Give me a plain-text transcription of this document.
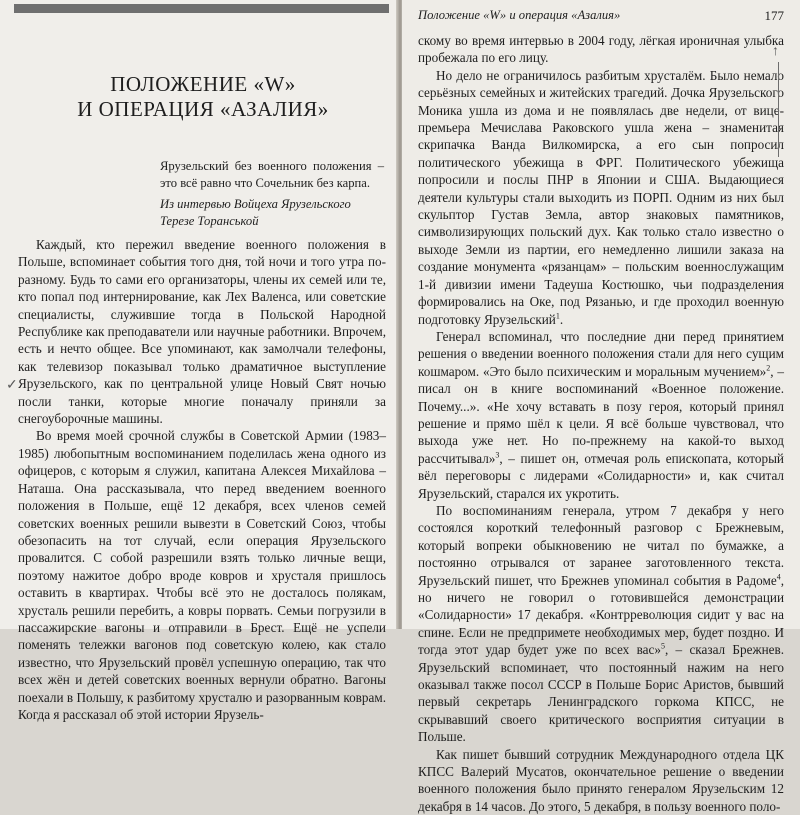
ПОЛОЖЕНИЕ «W»
И ОПЕРАЦИЯ «АЗАЛИЯ»
Ярузельский без военного положения – это всё равно что Сочельник без карпа.
Из интервью Войцеха Ярузельского Терезе Торанськой

Каждый, кто пережил введение военного положения в Польше, вспоминает события того дня, той ночи и того утра по-разному. Будь то сами его организаторы, члены их семей или те, кто попал под интернирование, как Лех Валенса, или советские специалисты, служившие тогда в Польской Народной Республике как преподаватели или научные работники. Впрочем, есть и нечто общее. Все упоминают, как замолчали телефоны, как телевизор показывал только драматичное выступление Ярузельского, как по центральной улице Новый Свят ночью посли танки, которые многие поначалу приняли за снегоуборочные машины.

Во время моей срочной службы в Советской Армии (1983–1985) любопытным воспоминанием поделилась жена одного из офицеров, с которым я служил, капитана Алексея Михайлова – Наташа. Она рассказывала, что перед введением военного положения в Польше, ещё 12 декабря, всех членов семей советских военных решили вывезти в Советский Союз, чтобы обезопасить на тот случай, если операция Ярузельского провалится. С собой разрешили взять только личные вещи, поэтому нажитое добро вроде ковров и хрусталя пришлось оставить в квартирах. Чтобы всё это не досталось полякам, хрусталь решили перебить, а ковры порвать. Семьи погрузили в пассажирские вагоны и отправили в Брест. Ещё не успели поменять тележки вагонов под советскую колею, как стало известно, что Ярузельский провёл успешную операцию, так что всех жён и детей советских военных вернули обратно. Вагоны поехали в Польшу, к разбитому хрусталю и разорванным коврам. Когда я рассказал об этой истории Ярузель-

✓
Положение «W» и операция «Азалия»	177

скому во время интервью в 2004 году, лёгкая ироничная улыбка пробежала по его лицу.

Но дело не ограничилось разбитым хрусталём. Было немало серьёзных семейных и житейских трагедий. Дочка Ярузельского Моника ушла из дома и не появлялась две недели, от вице-премьера Мечислава Раковского ушла жена – знаменитая скрипачка Ванда Вилкомирска, а его сын попросил политического убежища в ФРГ. Политического убежища попросили и послы ПНР в Японии и США. Выдающиеся деятели культуры стали выходить из ПОРП. Одним из них был скульптор Густав Земла, автор знаковых памятников, символизирующих польский дух. Как только стало известно о выходе Земли из партии, его немедленно лишили заказа на создание монумента «рязанцам» – польским военнослужащим 1-й дивизии имени Тадеуша Костюшко, чьи подразделения формировались на Оке, под Рязанью, и где проходил военную подготовку Ярузельский$^1$.

Генерал вспоминал, что последние дни перед принятием решения о введении военного положения стали для него сущим кошмаром. «Это было психическим и моральным мучением»$^2$, – писал он в книге воспоминаний «Военное положение. Почему...». «Не хочу вставать в позу героя, который принял решение и прямо шёл к цели. Я всё больше чувствовал, что выхода уже нет. Но по-прежнему на какой-то выход рассчитывал»$^3$, – пишет он, отмечая роль епископата, который вёл переговоры с лидерами «Солидарности» и, как считал Ярузельский, старался их укротить.

По воспоминаниям генерала, утром 7 декабря у него состоялся короткий телефонный разговор с Брежневым, который вопреки обыкновению не читал по бумажке, а постоянно отрывался от заранее заготовленного текста. Ярузельский пишет, что Брежнев упоминал события в Радоме$^4$, но ничего не говорил о готовившейся демонстрации «Солидарности» 17 декабря. «Контрреволюция сидит у вас на спине. Если не предпримете необходимых мер, будет поздно. И тогда этот удар будет уже по всех вас»$^5$, – сказал Брежнев. Ярузельский вспоминает, что постоянный нажим на него оказывал также посол СССР в Польше Борис Аристов, бывший первый секретарь Ленинградского горкома КПСС, не скрывавший своего критического восприятия ситуации в Польше.

Как пишет бывший сотрудник Международного отдела ЦК КПСС Валерий Мусатов, окончательное решение о введении военного положения было принято генералом Ярузельским 12 декабря в 14 часов. До этого, 5 декабря, в пользу военного поло-

↑
